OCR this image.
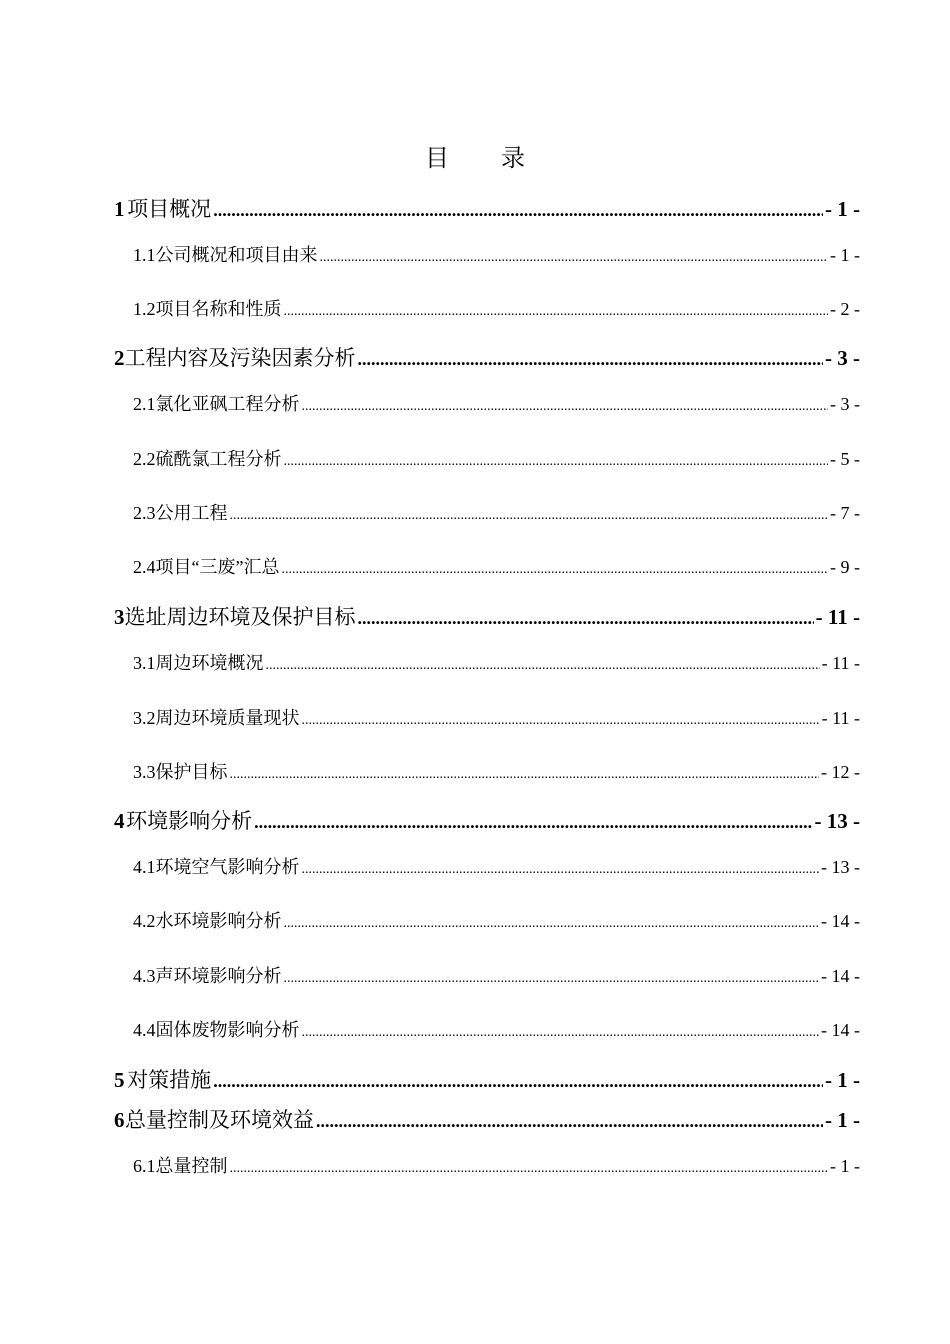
目 录
1 项目概况 .....	- 1 -
1.1 公司概况和项目由来 .....	- 1 -
1.2 项目名称和性质 .....	- 2 -
2 工程内容及污染因素分析 .....	- 3 -
2.1 氯化亚砜工程分析 .....	- 3 -
2.2 硫酰氯工程分析 .....	- 5 -
2.3 公用工程 .....	- 7 -
2.4 项目“三废”汇总 .....	- 9 -
3 选址周边环境及保护目标 .....	- 11 -
3.1 周边环境概况 .....	- 11 -
3.2 周边环境质量现状 .....	- 11 -
3.3 保护目标 .....	- 12 -
4 环境影响分析 .....	- 13 -
4.1 环境空气影响分析 .....	- 13 -
4.2 水环境影响分析 .....	- 14 -
4.3 声环境影响分析 .....	- 14 -
4.4 固体废物影响分析 .....	- 14 -
5 对策措施 .....	- 1 -
6 总量控制及环境效益 .....	- 1 -
6.1 总量控制 .....	- 1 -
